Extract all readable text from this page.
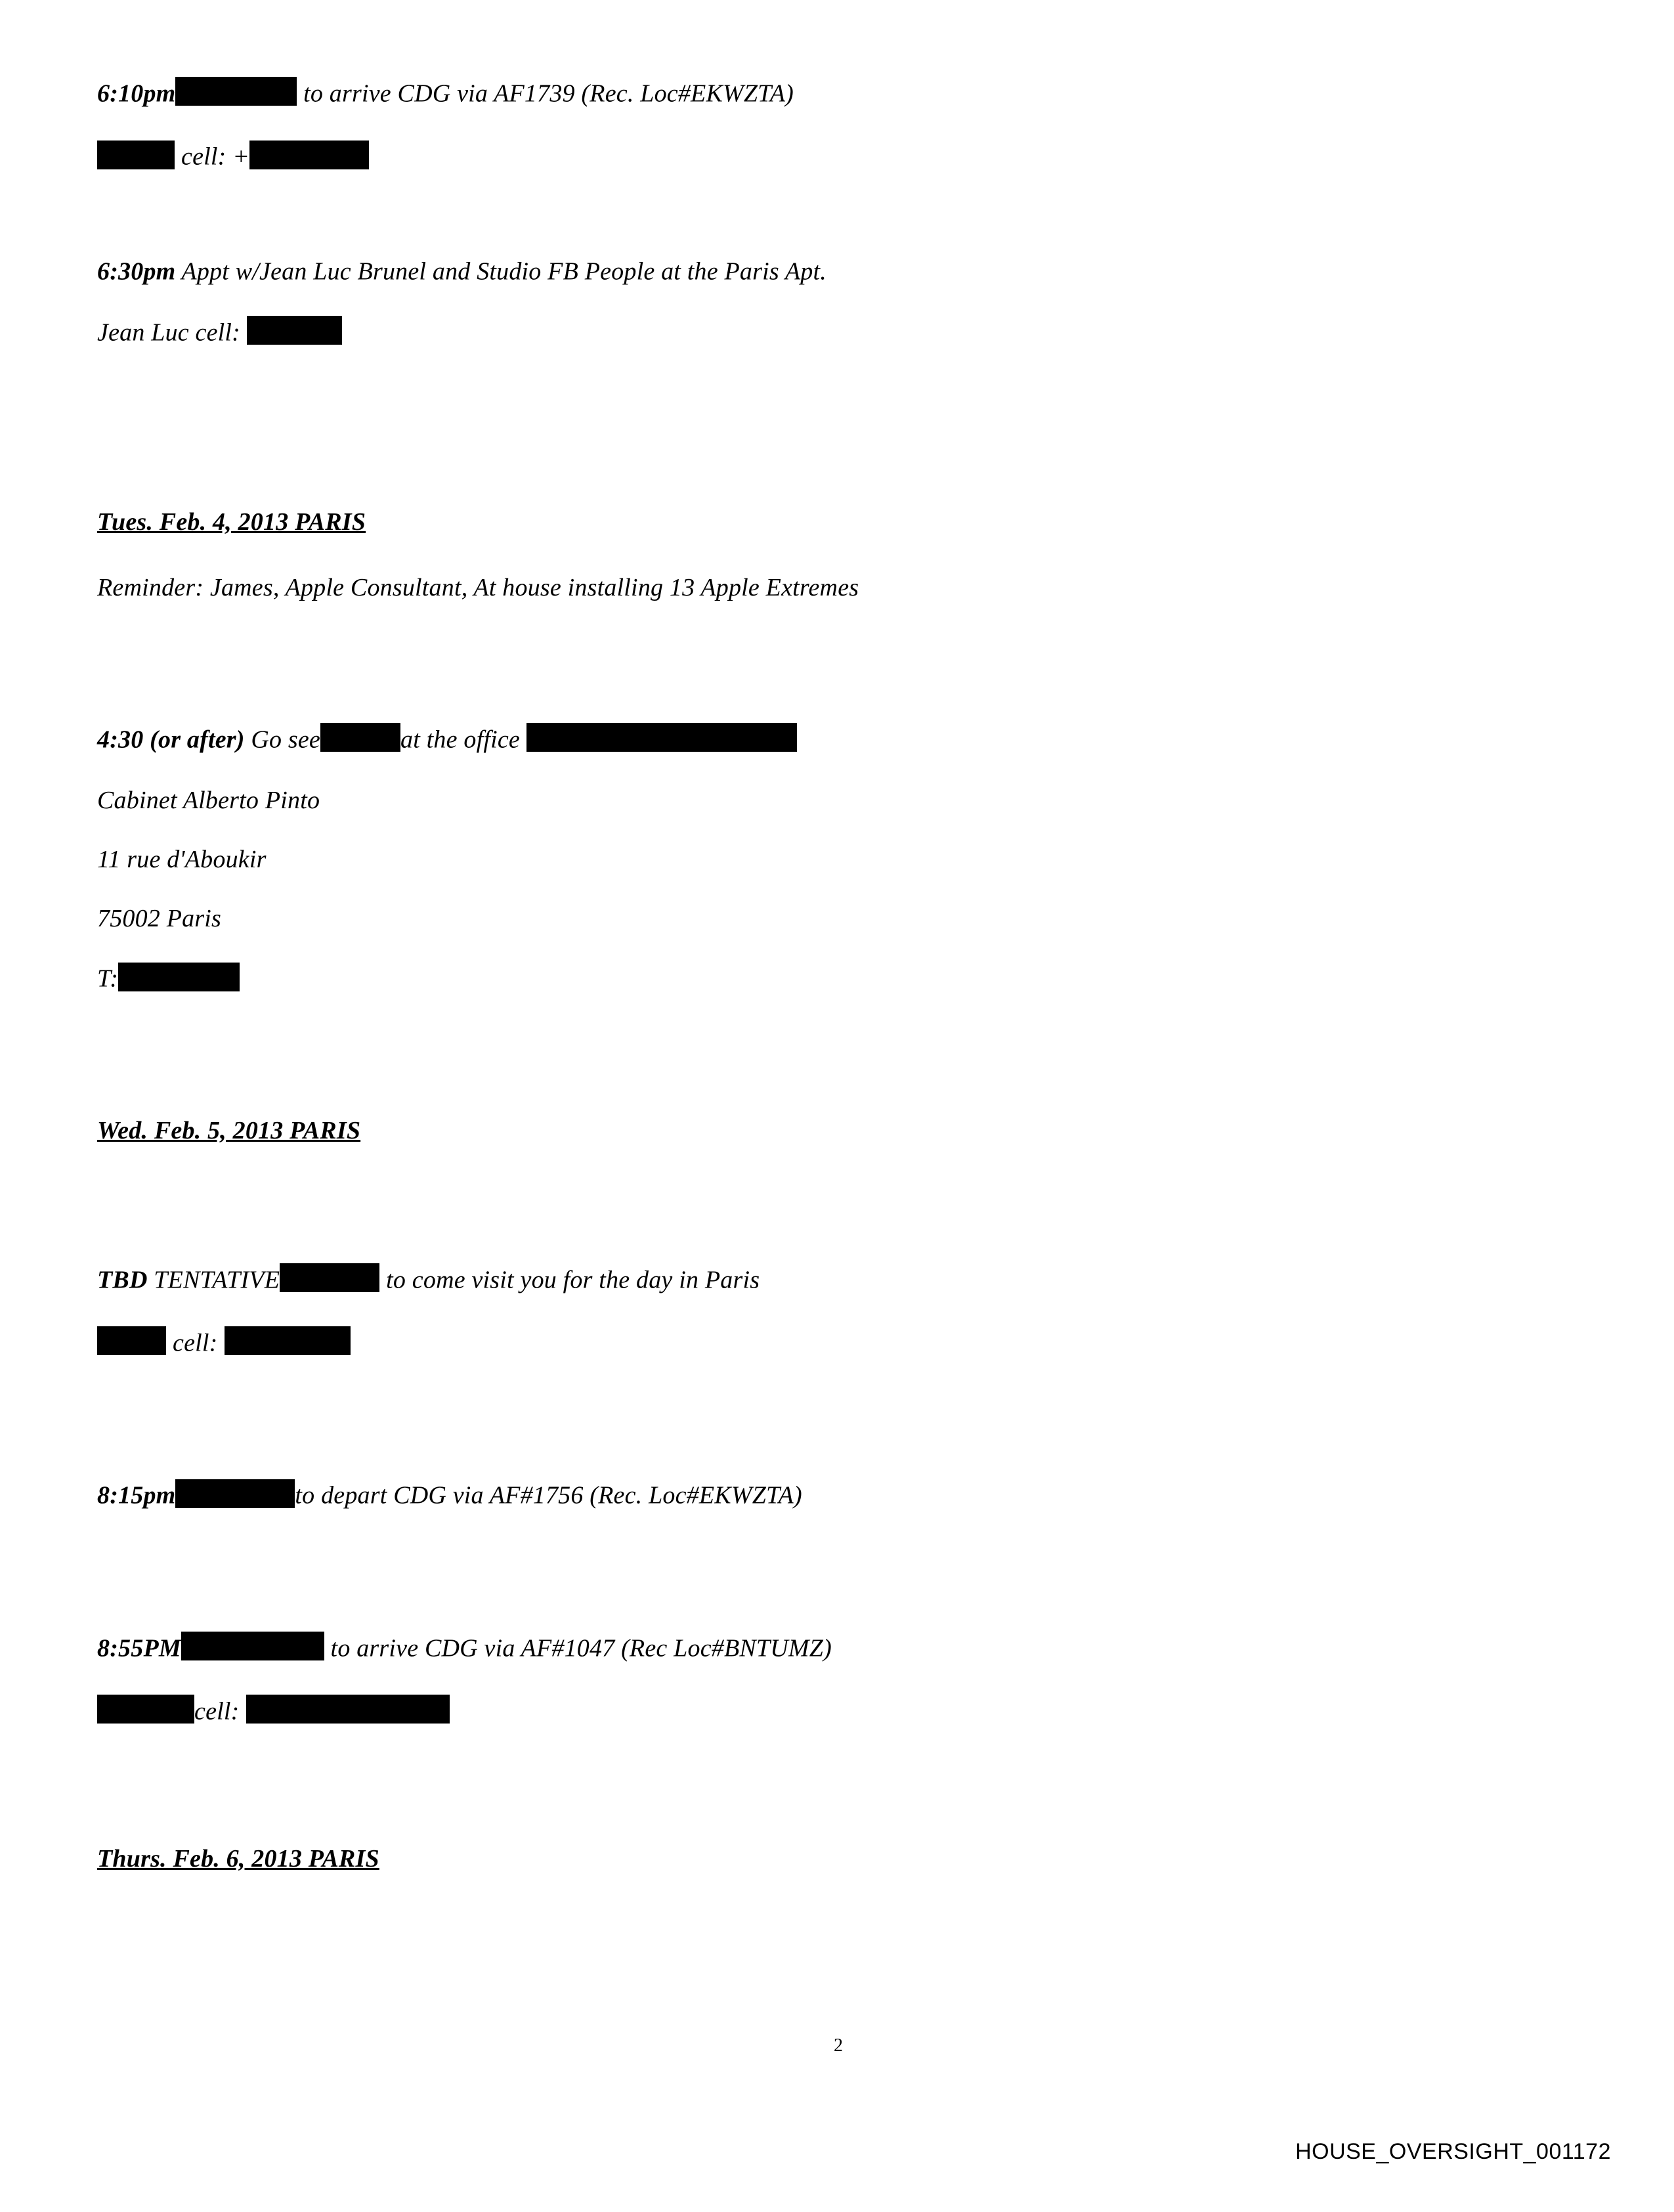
6:10pm	to arrive CDG via AF1739 (Rec. Loc#EKWZTA)
cell: +
6:30pm Appt w/Jean Luc Brunel and Studio FB People at the Paris Apt.
Jean Luc cell:
Tues. Feb. 4, 2013 PARIS
Reminder: James, Apple Consultant, At house installing 13 Apple Extremes
4:30 (or after) Go see	at the office
Cabinet Alberto Pinto
11 rue d'Aboukir
75002 Paris
T:
Wed. Feb. 5, 2013 PARIS
TBD TENTATIVE	to come visit you for the day in Paris
cell:
8:15pm	to depart CDG via AF#1756 (Rec. Loc#EKWZTA)
8:55PM	to arrive CDG via AF#1047 (Rec Loc#BNTUMZ)
cell:
Thurs. Feb. 6, 2013 PARIS
2
HOUSE_OVERSIGHT_001172
